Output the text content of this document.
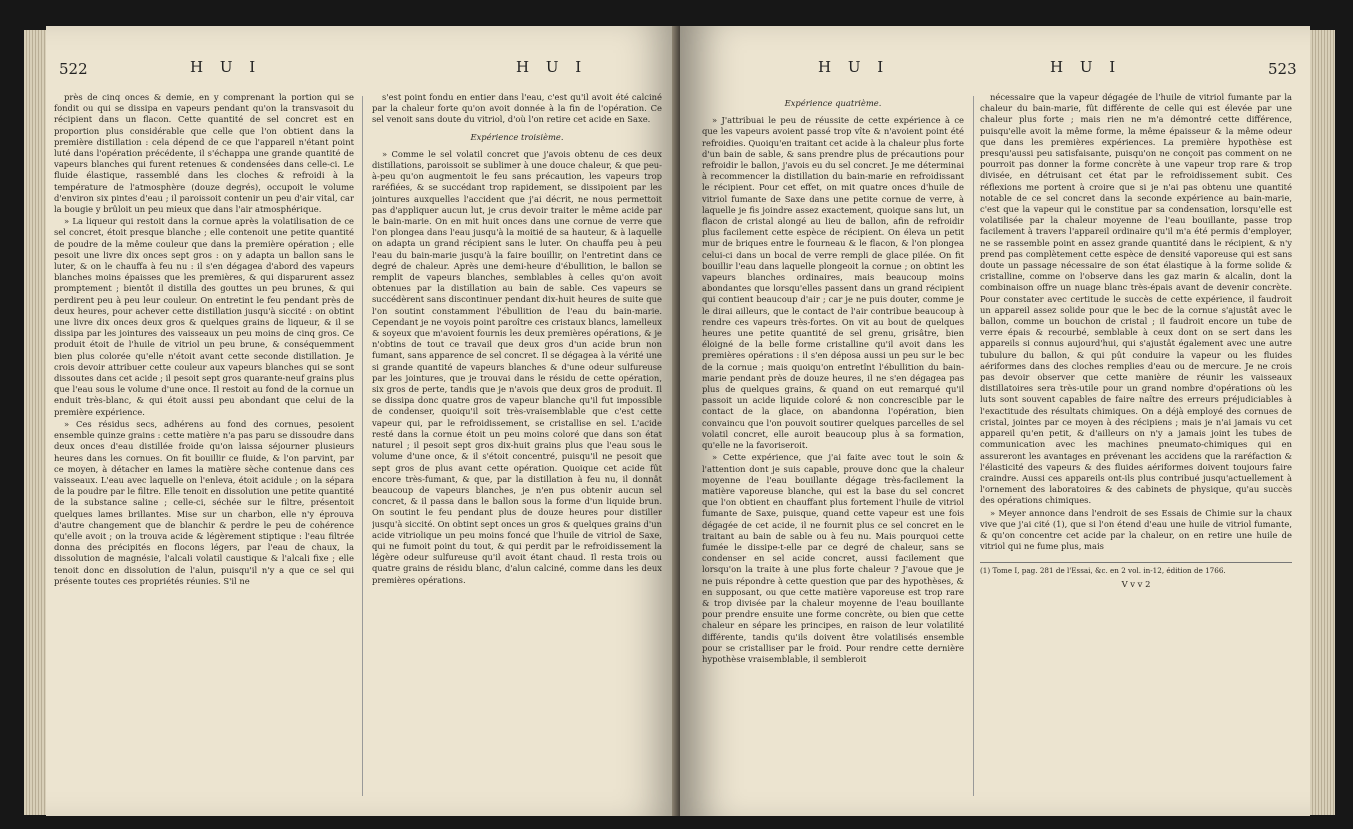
522	H U I	H U I

près de cinq onces & demie, en y comprenant la portion qui se fondit ou qui se dissipa en vapeurs pendant qu'on la transvasoit du récipient dans un flacon. Cette quantité de sel concret est en proportion plus considérable que celle que l'on obtient dans la première distillation : cela dépend de ce que l'appareil n'étant point luté dans l'opération précédente, il s'échappa une grande quantité de vapeurs blanches qui furent retenues & condensées dans celle-ci. Le fluide élastique, rassemblé dans les cloches & refroidi à la température de l'atmosphère (douze degrés), occupoit le volume d'environ six pintes d'eau ; il paroissoit contenir un peu d'air vital, car la bougie y brûloit un peu mieux que dans l'air atmosphérique.

» La liqueur qui restoit dans la cornue après la volatilisation de ce sel concret, étoit presque blanche ; elle contenoit une petite quantité de poudre de la même couleur que dans la première opération ; elle pesoit une livre dix onces sept gros : on y adapta un ballon sans le luter, & on le chauffa à feu nu : il s'en dégagea d'abord des vapeurs blanches moins épaisses que les premières, & qui disparurent assez promptement ; bientôt il distilla des gouttes un peu brunes, & qui perdirent peu à peu leur couleur. On entretint le feu pendant près de deux heures, pour achever cette distillation jusqu'à siccité : on obtint une livre dix onces deux gros & quelques grains de liqueur, & il se dissipa par les jointures des vaisseaux un peu moins de cinq gros. Ce produit étoit de l'huile de vitriol un peu brune, & conséquemment bien plus colorée qu'elle n'étoit avant cette seconde distillation. Je crois devoir attribuer cette couleur aux vapeurs blanches qui se sont dissoutes dans cet acide ; il pesoit sept gros quarante-neuf grains plus que l'eau sous le volume d'une once. Il restoit au fond de la cornue un enduit très-blanc, & qui étoit aussi peu abondant que celui de la première expérience.

» Ces résidus secs, adhérens au fond des cornues, pesoient ensemble quinze grains : cette matière n'a pas paru se dissoudre dans deux onces d'eau distillée froide qu'on laissa séjourner plusieurs heures dans les cornues. On fit bouillir ce fluide, & l'on parvint, par ce moyen, à détacher en lames la matière sèche contenue dans ces vaisseaux. L'eau avec laquelle on l'enleva, étoit acidule ; on la sépara de la poudre par le filtre. Elle tenoit en dissolution une petite quantité de la substance saline ; celle-ci, séchée sur le filtre, présentoit quelques lames brillantes. Mise sur un charbon, elle n'y éprouva d'autre changement que de blanchir & perdre le peu de cohérence qu'elle avoit ; on la trouva acide & légèrement stiptique : l'eau filtrée donna des précipités en flocons légers, par l'eau de chaux, la dissolution de magnésie, l'alcali volatil caustique & l'alcali fixe ; elle tenoit donc en dissolution de l'alun, puisqu'il n'y a que ce sel qui présente toutes ces propriétés réunies. S'il ne

s'est point fondu en entier dans l'eau, c'est qu'il avoit été calciné par la chaleur forte qu'on avoit donnée à la fin de l'opération. Ce sel venoit sans doute du vitriol, d'où l'on retire cet acide en Saxe.

Expérience troisième.

» Comme le sel volatil concret que j'avois obtenu de ces deux distillations, paroissoit se sublimer à une douce chaleur, & que peu-à-peu qu'on augmentoit le feu sans précaution, les vapeurs trop raréfiées, & se succédant trop rapidement, se dissipoient par les jointures auxquelles l'accident que j'ai décrit, ne nous permettoit pas d'appliquer aucun lut, je crus devoir traiter le même acide par le bain-marie. On en mit huit onces dans une cornue de verre que l'on plongea dans l'eau jusqu'à la moitié de sa hauteur, & à laquelle on adapta un grand récipient sans le luter. On chauffa peu à peu l'eau du bain-marie jusqu'à la faire bouillir, on l'entretint dans ce degré de chaleur. Après une demi-heure d'ébullition, le ballon se remplit de vapeurs blanches, semblables à celles qu'on avoit obtenues par la distillation au bain de sable. Ces vapeurs se succédèrent sans discontinuer pendant dix-huit heures de suite que l'on soutint constamment l'ébullition de l'eau du bain-marie. Cependant je ne voyois point paroître ces cristaux blancs, lamelleux & soyeux que m'avoient fournis les deux premières opérations, & je n'obtins de tout ce travail que deux gros d'un acide brun non fumant, sans apparence de sel concret. Il se dégagea à la vérité une si grande quantité de vapeurs blanches & d'une odeur sulfureuse par les jointures, que je trouvai dans le résidu de cette opération, six gros de perte, tandis que je n'avois que deux gros de produit. Il se dissipa donc quatre gros de vapeur blanche qu'il fut impossible de condenser, quoiqu'il soit très-vraisemblable que c'est cette vapeur qui, par le refroidissement, se cristallise en sel. L'acide resté dans la cornue étoit un peu moins coloré que dans son état naturel ; il pesoit sept gros dix-huit grains plus que l'eau sous le volume d'une once, & il s'étoit concentré, puisqu'il ne pesoit que sept gros de plus avant cette opération. Quoique cet acide fût encore très-fumant, & que, par la distillation à feu nu, il donnât beaucoup de vapeurs blanches, je n'en pus obtenir aucun sel concret, & il passa dans le ballon sous la forme d'un liquide brun. On soutint le feu pendant plus de douze heures pour distiller jusqu'à siccité. On obtint sept onces un gros & quelques grains d'un acide vitriolique un peu moins foncé que l'huile de vitriol de Saxe, qui ne fumoit point du tout, & qui perdit par le refroidissement la légère odeur sulfureuse qu'il avoit étant chaud. Il resta trois ou quatre grains de résidu blanc, d'alun calciné, comme dans les deux premières opérations.

H U I	H U I	523

Expérience quatrième.

» J'attribuai le peu de réussite de cette expérience à ce que les vapeurs avoient passé trop vîte & n'avoient point été refroidies. Quoiqu'en traitant cet acide à la chaleur plus forte d'un bain de sable, & sans prendre plus de précautions pour refroidir le ballon, j'avois eu du sel concret. Je me déterminai à recommencer la distillation du bain-marie en refroidissant le récipient. Pour cet effet, on mit quatre onces d'huile de vitriol fumante de Saxe dans une petite cornue de verre, à laquelle je fis joindre assez exactement, quoique sans lut, un flacon de cristal alongé au lieu de ballon, afin de refroidir plus facilement cette espèce de récipient. On éleva un petit mur de briques entre le fourneau & le flacon, & l'on plongea celui-ci dans un bocal de verre rempli de glace pilée. On fit bouillir l'eau dans laquelle plongeoit la cornue ; on obtint les vapeurs blanches ordinaires, mais beaucoup moins abondantes que lorsqu'elles passent dans un grand récipient qui contient beaucoup d'air ; car je ne puis douter, comme je le dirai ailleurs, que le contact de l'air contribue beaucoup à rendre ces vapeurs très-fortes. On vit au bout de quelques heures une petite quantité de sel grenu, grisâtre, bien éloigné de la belle forme cristalline qu'il avoit dans les premières opérations : il s'en déposa aussi un peu sur le bec de la cornue ; mais quoiqu'on entretînt l'ébullition du bain-marie pendant près de douze heures, il ne s'en dégagea pas plus de quelques grains, & quand on eut remarqué qu'il passoit un acide liquide coloré & non concrescible par le contact de la glace, on abandonna l'opération, bien convaincu que l'on pouvoit soutirer quelques parcelles de sel volatil concret, elle auroit beaucoup plus à sa formation, qu'elle ne la favoriseroit.

» Cette expérience, que j'ai faite avec tout le soin & l'attention dont je suis capable, prouve donc que la chaleur moyenne de l'eau bouillante dégage très-facilement la matière vaporeuse blanche, qui est la base du sel concret que l'on obtient en chauffant plus fortement l'huile de vitriol fumante de Saxe, puisque, quand cette vapeur est une fois dégagée de cet acide, il ne fournit plus ce sel concret en le traitant au bain de sable ou à feu nu. Mais pourquoi cette fumée le dissipe-t-elle par ce degré de chaleur, sans se condenser en sel acide concret, aussi facilement que lorsqu'on la traite à une plus forte chaleur ? J'avoue que je ne puis répondre à cette question que par des hypothèses, & en supposant, ou que cette matière vaporeuse est trop rare & trop divisée par la chaleur moyenne de l'eau bouillante pour prendre ensuite une forme concrète, ou bien que cette chaleur en sépare les principes, en raison de leur volatilité différente, tandis qu'ils doivent être volatilisés ensemble pour se cristalliser par le froid. Pour rendre cette dernière hypothèse vraisemblable, il sembleroit

nécessaire que la vapeur dégagée de l'huile de vitriol fumante par la chaleur du bain-marie, fût différente de celle qui est élevée par une chaleur plus forte ; mais rien ne m'a démontré cette différence, puisqu'elle avoit la même forme, la même épaisseur & la même odeur que dans les premières expériences. La première hypothèse est presqu'aussi peu satisfaisante, puisqu'on ne conçoit pas comment on ne pourroit pas donner la forme concrète à une vapeur trop rare & trop divisée, en détruisant cet état par le refroidissement subit. Ces réflexions me portent à croire que si je n'ai pas obtenu une quantité notable de ce sel concret dans la seconde expérience au bain-marie, c'est que la vapeur qui le constitue par sa condensation, lorsqu'elle est volatilisée par la chaleur moyenne de l'eau bouillante, passe trop facilement à travers l'appareil ordinaire qu'il m'a été permis d'employer, ne se rassemble point en assez grande quantité dans le récipient, & n'y prend pas complètement cette espèce de densité vaporeuse qui est sans doute un passage nécessaire de son état élastique à la forme solide & cristalline, comme on l'observe dans les gaz marin & alcalin, dont la combinaison offre un nuage blanc très-épais avant de devenir concrète. Pour constater avec certitude le succès de cette expérience, il faudroit un appareil assez solide pour que le bec de la cornue s'ajustât avec le ballon, comme un bouchon de cristal ; il faudroit encore un tube de verre épais & recourbé, semblable à ceux dont on se sert dans les appareils si connus aujourd'hui, qui s'ajustât également avec une autre tubulure du ballon, & qui pût conduire la vapeur ou les fluides aériformes dans des cloches remplies d'eau ou de mercure. Je ne crois pas devoir observer que cette manière de réunir les vaisseaux distillatoires sera très-utile pour un grand nombre d'opérations où les luts sont souvent capables de faire naître des erreurs préjudiciables à l'exactitude des résultats chimiques. On a déjà employé des cornues de cristal, jointes par ce moyen à des récipiens ; mais je n'ai jamais vu cet appareil qu'en petit, & d'ailleurs on n'y a jamais joint les tubes de communication avec les machines pneumato-chimiques qui en assureront les avantages en prévenant les accidens que la raréfaction & l'élasticité des vapeurs & des fluides aériformes doivent toujours faire craindre. Aussi ces appareils ont-ils plus contribué jusqu'actuellement à l'ornement des laboratoires & des cabinets de physique, qu'au succès des opérations chimiques.

» Meyer annonce dans l'endroit de ses Essais de Chimie sur la chaux vive que j'ai cité (1), que si l'on étend d'eau une huile de vitriol fumante, & qu'on concentre cet acide par la chaleur, on en retire une huile de vitriol qui ne fume plus, mais

(1) Tome I, pag. 281 de l'Essai, &c. en 2 vol. in-12, édition de 1766.

V v v 2
